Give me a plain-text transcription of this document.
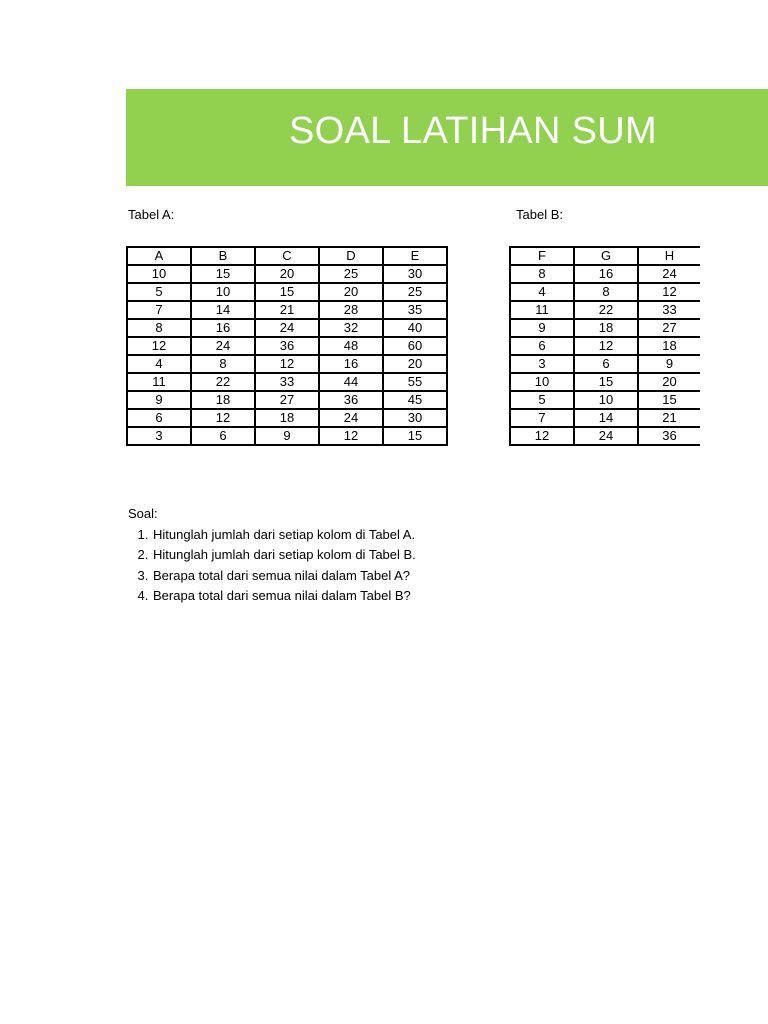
SOAL LATIHAN SUM
Tabel A:	Tabel B:
A	B	C	D	E
10	15	20	25	30
5	10	15	20	25
7	14	21	28	35
8	16	24	32	40
12	24	36	48	60
4	8	12	16	20
11	22	33	44	55
9	18	27	36	45
6	12	18	24	30
3	6	9	12	15
F	G	H
8	16	24
4	8	12
11	22	33
9	18	27
6	12	18
3	6	9
10	15	20
5	10	15
7	14	21
12	24	36
Soal:
1. Hitunglah jumlah dari setiap kolom di Tabel A.
2. Hitunglah jumlah dari setiap kolom di Tabel B.
3. Berapa total dari semua nilai dalam Tabel A?
4. Berapa total dari semua nilai dalam Tabel B?
